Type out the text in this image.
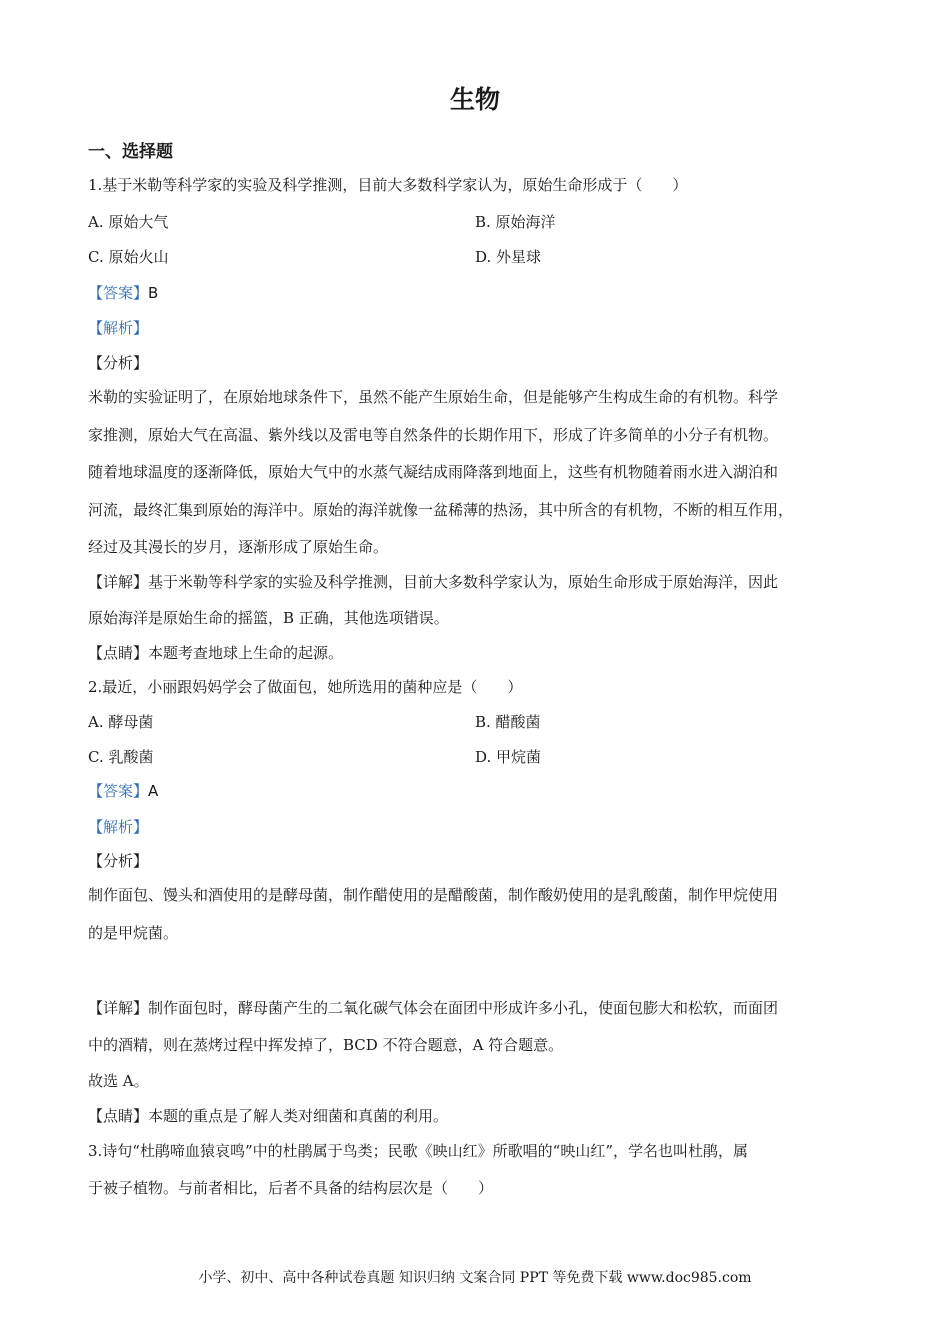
生物
一、选择题
1.基于米勒等科学家的实验及科学推测，目前大多数科学家认为，原始生命形成于（　　）
A. 原始大气	B. 原始海洋
C. 原始火山	D. 外星球
【答案】B
【解析】
【分析】
米勒的实验证明了，在原始地球条件下，虽然不能产生原始生命，但是能够产生构成生命的有机物。科学
家推测，原始大气在高温、紫外线以及雷电等自然条件的长期作用下，形成了许多简单的小分子有机物。
随着地球温度的逐渐降低，原始大气中的水蒸气凝结成雨降落到地面上，这些有机物随着雨水进入湖泊和
河流，最终汇集到原始的海洋中。原始的海洋就像一盆稀薄的热汤，其中所含的有机物，不断的相互作用，
经过及其漫长的岁月，逐渐形成了原始生命。
【详解】基于米勒等科学家的实验及科学推测，目前大多数科学家认为，原始生命形成于原始海洋，因此
原始海洋是原始生命的摇篮，B 正确，其他选项错误。
【点睛】本题考查地球上生命的起源。
2.最近，小丽跟妈妈学会了做面包，她所选用的菌种应是（　　）
A. 酵母菌	B. 醋酸菌
C. 乳酸菌	D. 甲烷菌
【答案】A
【解析】
【分析】
制作面包、馒头和酒使用的是酵母菌，制作醋使用的是醋酸菌，制作酸奶使用的是乳酸菌，制作甲烷使用
的是甲烷菌。
【详解】制作面包时，酵母菌产生的二氧化碳气体会在面团中形成许多小孔，使面包膨大和松软，而面团
中的酒精，则在蒸烤过程中挥发掉了，BCD 不符合题意，A 符合题意。
故选 A。
【点睛】本题的重点是了解人类对细菌和真菌的利用。
3.诗句“杜鹃啼血猿哀鸣”中的杜鹃属于鸟类；民歌《映山红》所歌唱的“映山红”，学名也叫杜鹃，属
于被子植物。与前者相比，后者不具备的结构层次是（　　）
小学、初中、高中各种试卷真题 知识归纳 文案合同 PPT 等免费下载 www.doc985.com
